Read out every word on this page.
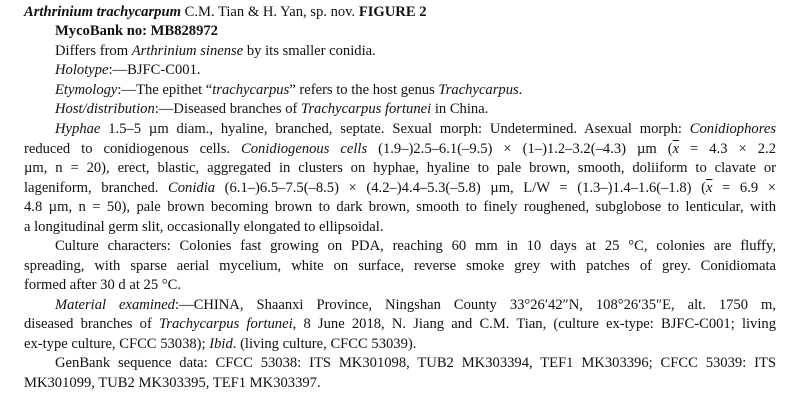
Arthrinium trachycarpum C.M. Tian & H. Yan, sp. nov. FIGURE 2
MycoBank no: MB828972
Differs from Arthrinium sinense by its smaller conidia.
Holotype:—BJFC-C001.
Etymology:—The epithet “trachycarpus” refers to the host genus Trachycarpus.
Host/distribution:—Diseased branches of Trachycarpus fortunei in China.
Hyphae 1.5–5 µm diam., hyaline, branched, septate. Sexual morph: Undetermined. Asexual morph: Conidiophores
reduced to conidiogenous cells. Conidiogenous cells (1.9–)2.5–6.1(–9.5) × (1–)1.2–3.2(–4.3) µm ($\overline{x} = 4.3 \times 2.2$
µm, n = 20), erect, blastic, aggregated in clusters on hyphae, hyaline to pale brown, smooth, doliiform to clavate or
lageniform, branched. Conidia (6.1–)6.5–7.5(–8.5) × (4.2–)4.4–5.3(–5.8) µm, L/W = (1.3–)1.4–1.6(–1.8) ($\overline{x} = 6.9$ ×
4.8 µm, n = 50), pale brown becoming brown to dark brown, smooth to finely roughened, subglobose to lenticular, with
a longitudinal germ slit, occasionally elongated to ellipsoidal.
Culture characters: Colonies fast growing on PDA, reaching 60 mm in 10 days at 25 °C, colonies are fluffy,
spreading, with sparse aerial mycelium, white on surface, reverse smoke grey with patches of grey. Conidiomata
formed after 30 d at 25 °C.
Material examined:—CHINA, Shaanxi Province, Ningshan County 33°26′42″N, 108°26′35″E, alt. 1750 m,
diseased branches of Trachycarpus fortunei, 8 June 2018, N. Jiang and C.M. Tian, (culture ex-type: BJFC-C001; living
ex-type culture, CFCC 53038); Ibid. (living culture, CFCC 53039).
GenBank sequence data: CFCC 53038: ITS MK301098, TUB2 MK303394, TEF1 MK303396; CFCC 53039: ITS
MK301099, TUB2 MK303395, TEF1 MK303397.
